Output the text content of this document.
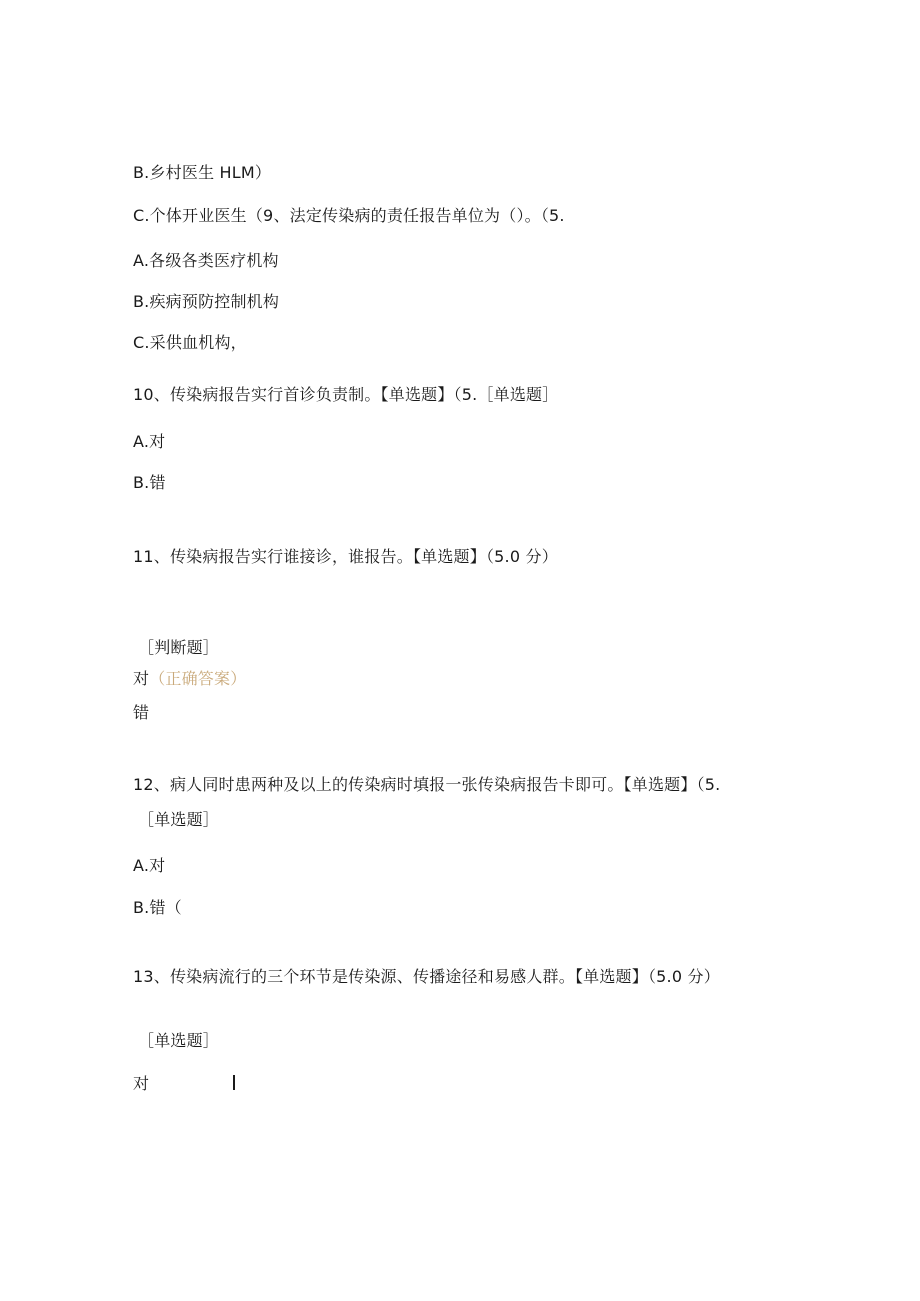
B.乡村医生 HLM）
C.个体开业医生（9、法定传染病的责任报告单位为（）。（5.
A.各级各类医疗机构
B.疾病预防控制机构
C.采供血机构，
10、传染病报告实行首诊负责制。【单选题】（5.［单选题］
A.对
B.错
11、传染病报告实行谁接诊，谁报告。【单选题】（5.0 分）
［判断题］
对（正确答案）
错
12、病人同时患两种及以上的传染病时填报一张传染病报告卡即可。【单选题】（5.
［单选题］
A.对
B.错（
13、传染病流行的三个环节是传染源、传播途径和易感人群。【单选题】（5.0 分）
［单选题］
对
